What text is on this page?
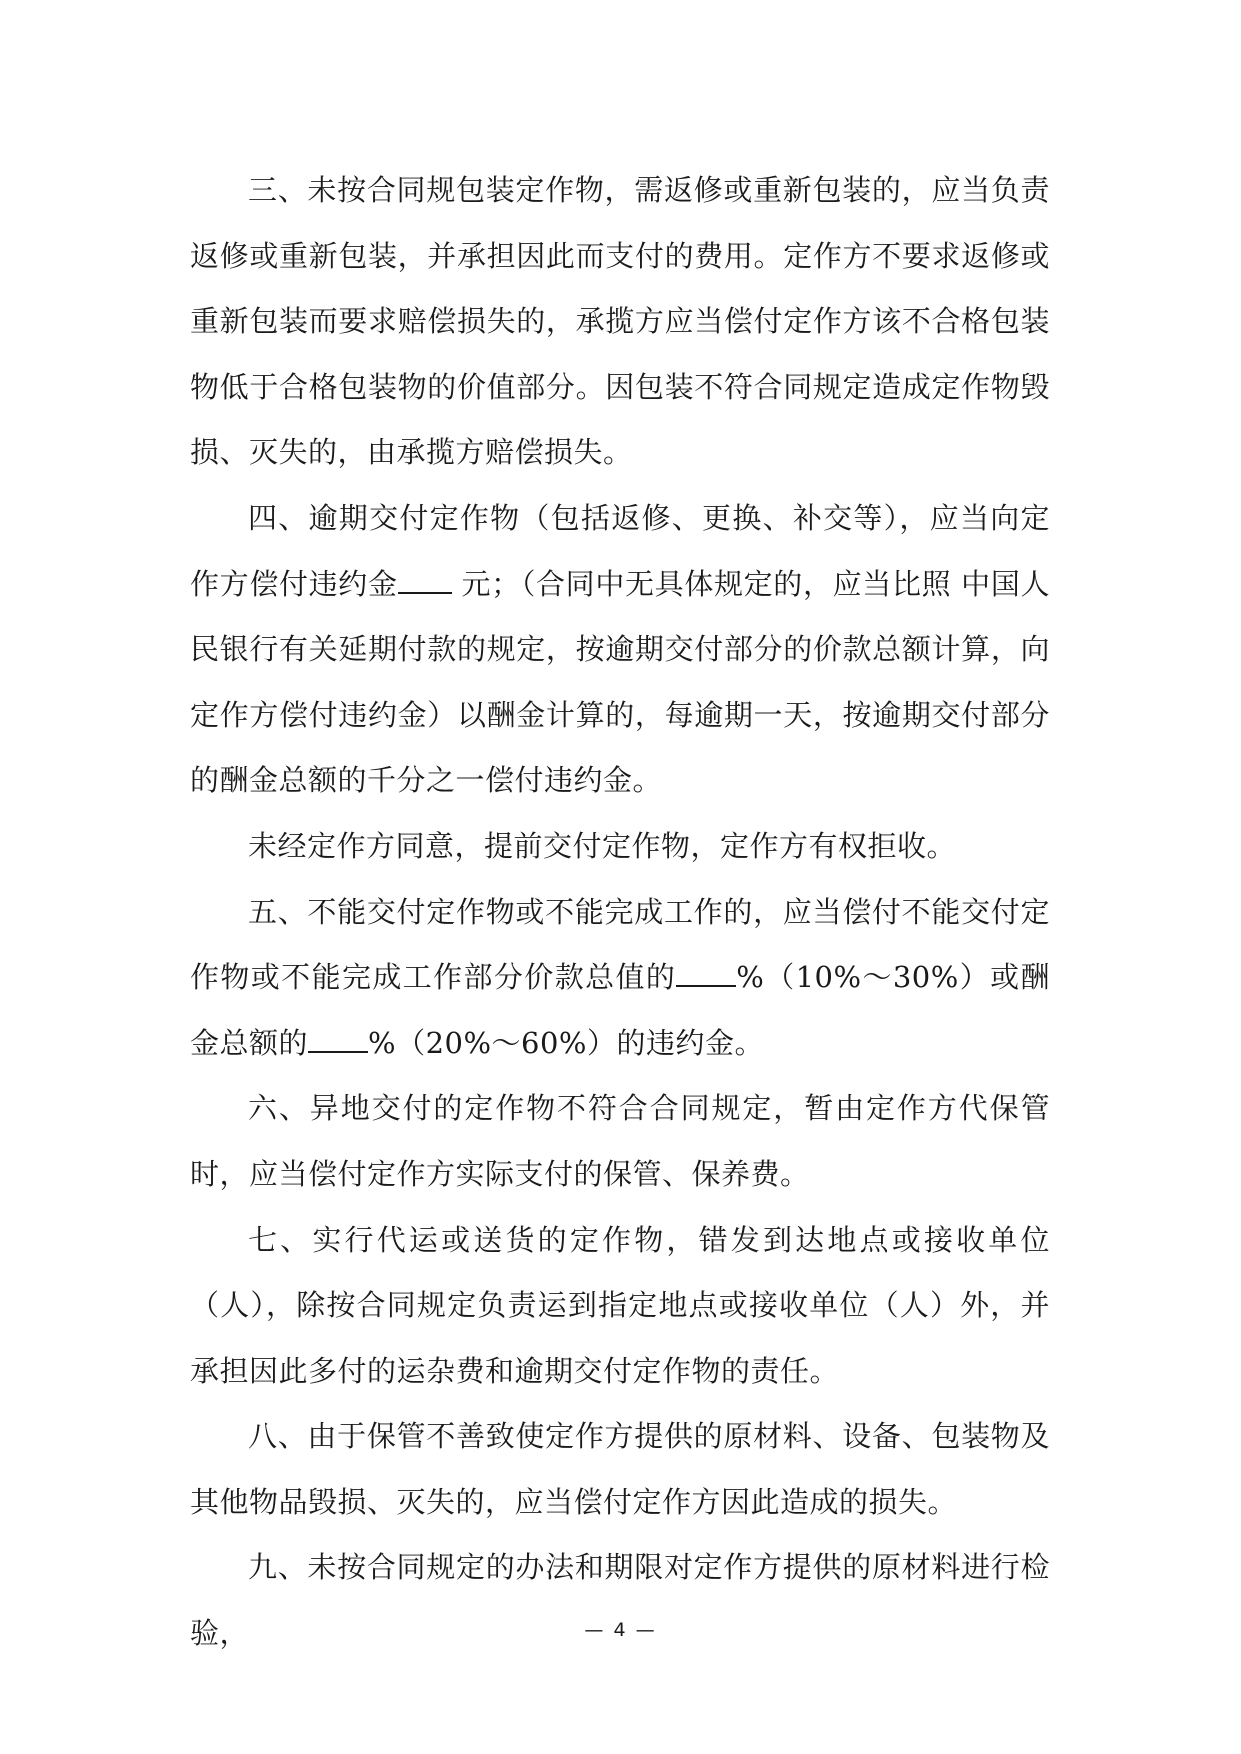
三、未按合同规包装定作物，需返修或重新包装的，应当负责返修或重新包装，并承担因此而支付的费用。定作方不要求返修或重新包装而要求赔偿损失的，承揽方应当偿付定作方该不合格包装物低于合格包装物的价值部分。因包装不符合同规定造成定作物毁损、灭失的，由承揽方赔偿损失。

四、逾期交付定作物（包括返修、更换、补交等），应当向定作方偿付违约金 元；（合同中无具体规定的，应当比照 中国人民银行有关延期付款的规定，按逾期交付部分的价款总额计算，向定作方偿付违约金）以酬金计算的，每逾期一天，按逾期交付部分的酬金总额的千分之一偿付违约金。

未经定作方同意，提前交付定作物，定作方有权拒收。

五、不能交付定作物或不能完成工作的，应当偿付不能交付定作物或不能完成工作部分价款总值的 %（10%～30%）或酬金总额的 %（20%～60%）的违约金。

六、异地交付的定作物不符合合同规定，暂由定作方代保管时，应当偿付定作方实际支付的保管、保养费。

七、实行代运或送货的定作物，错发到达地点或接收单位（人），除按合同规定负责运到指定地点或接收单位（人）外，并承担因此多付的运杂费和逾期交付定作物的责任。

八、由于保管不善致使定作方提供的原材料、设备、包装物及其他物品毁损、灭失的，应当偿付定作方因此造成的损失。

九、未按合同规定的办法和期限对定作方提供的原材料进行检验，	— 4 —
